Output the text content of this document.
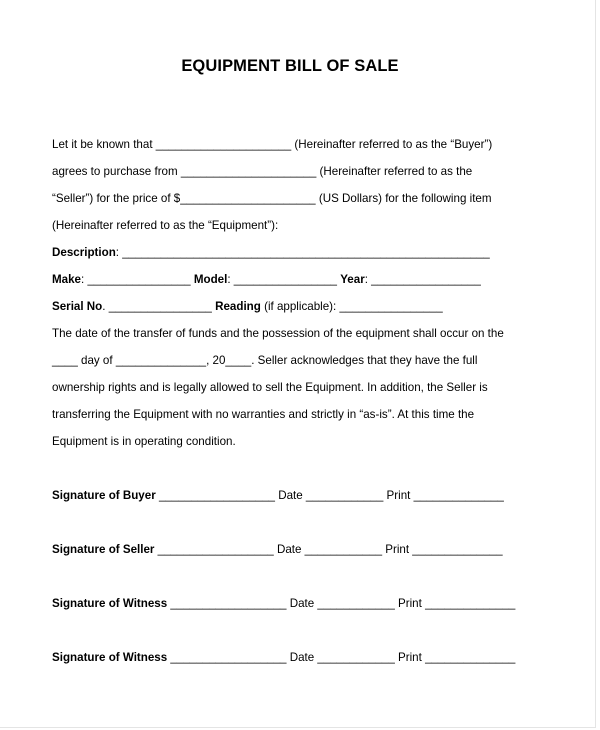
EQUIPMENT BILL OF SALE
Let it be known that _____________________ (Hereinafter referred to as the “Buyer”)
agrees to purchase from _____________________ (Hereinafter referred to as the
“Seller”) for the price of $_____________________ (US Dollars) for the following item
(Hereinafter referred to as the “Equipment”):
Description: _________________________________________________________
Make: ________________ Model: ________________ Year: _________________
Serial No. ________________ Reading (if applicable): ________________
The date of the transfer of funds and the possession of the equipment shall occur on the
____ day of ______________, 20____. Seller acknowledges that they have the full
ownership rights and is legally allowed to sell the Equipment. In addition, the Seller is
transferring the Equipment with no warranties and strictly in “as-is”. At this time the
Equipment is in operating condition.
Signature of Buyer __________________ Date ____________ Print ______________
Signature of Seller __________________ Date ____________ Print ______________
Signature of Witness __________________ Date ____________ Print ______________
Signature of Witness __________________ Date ____________ Print ______________
